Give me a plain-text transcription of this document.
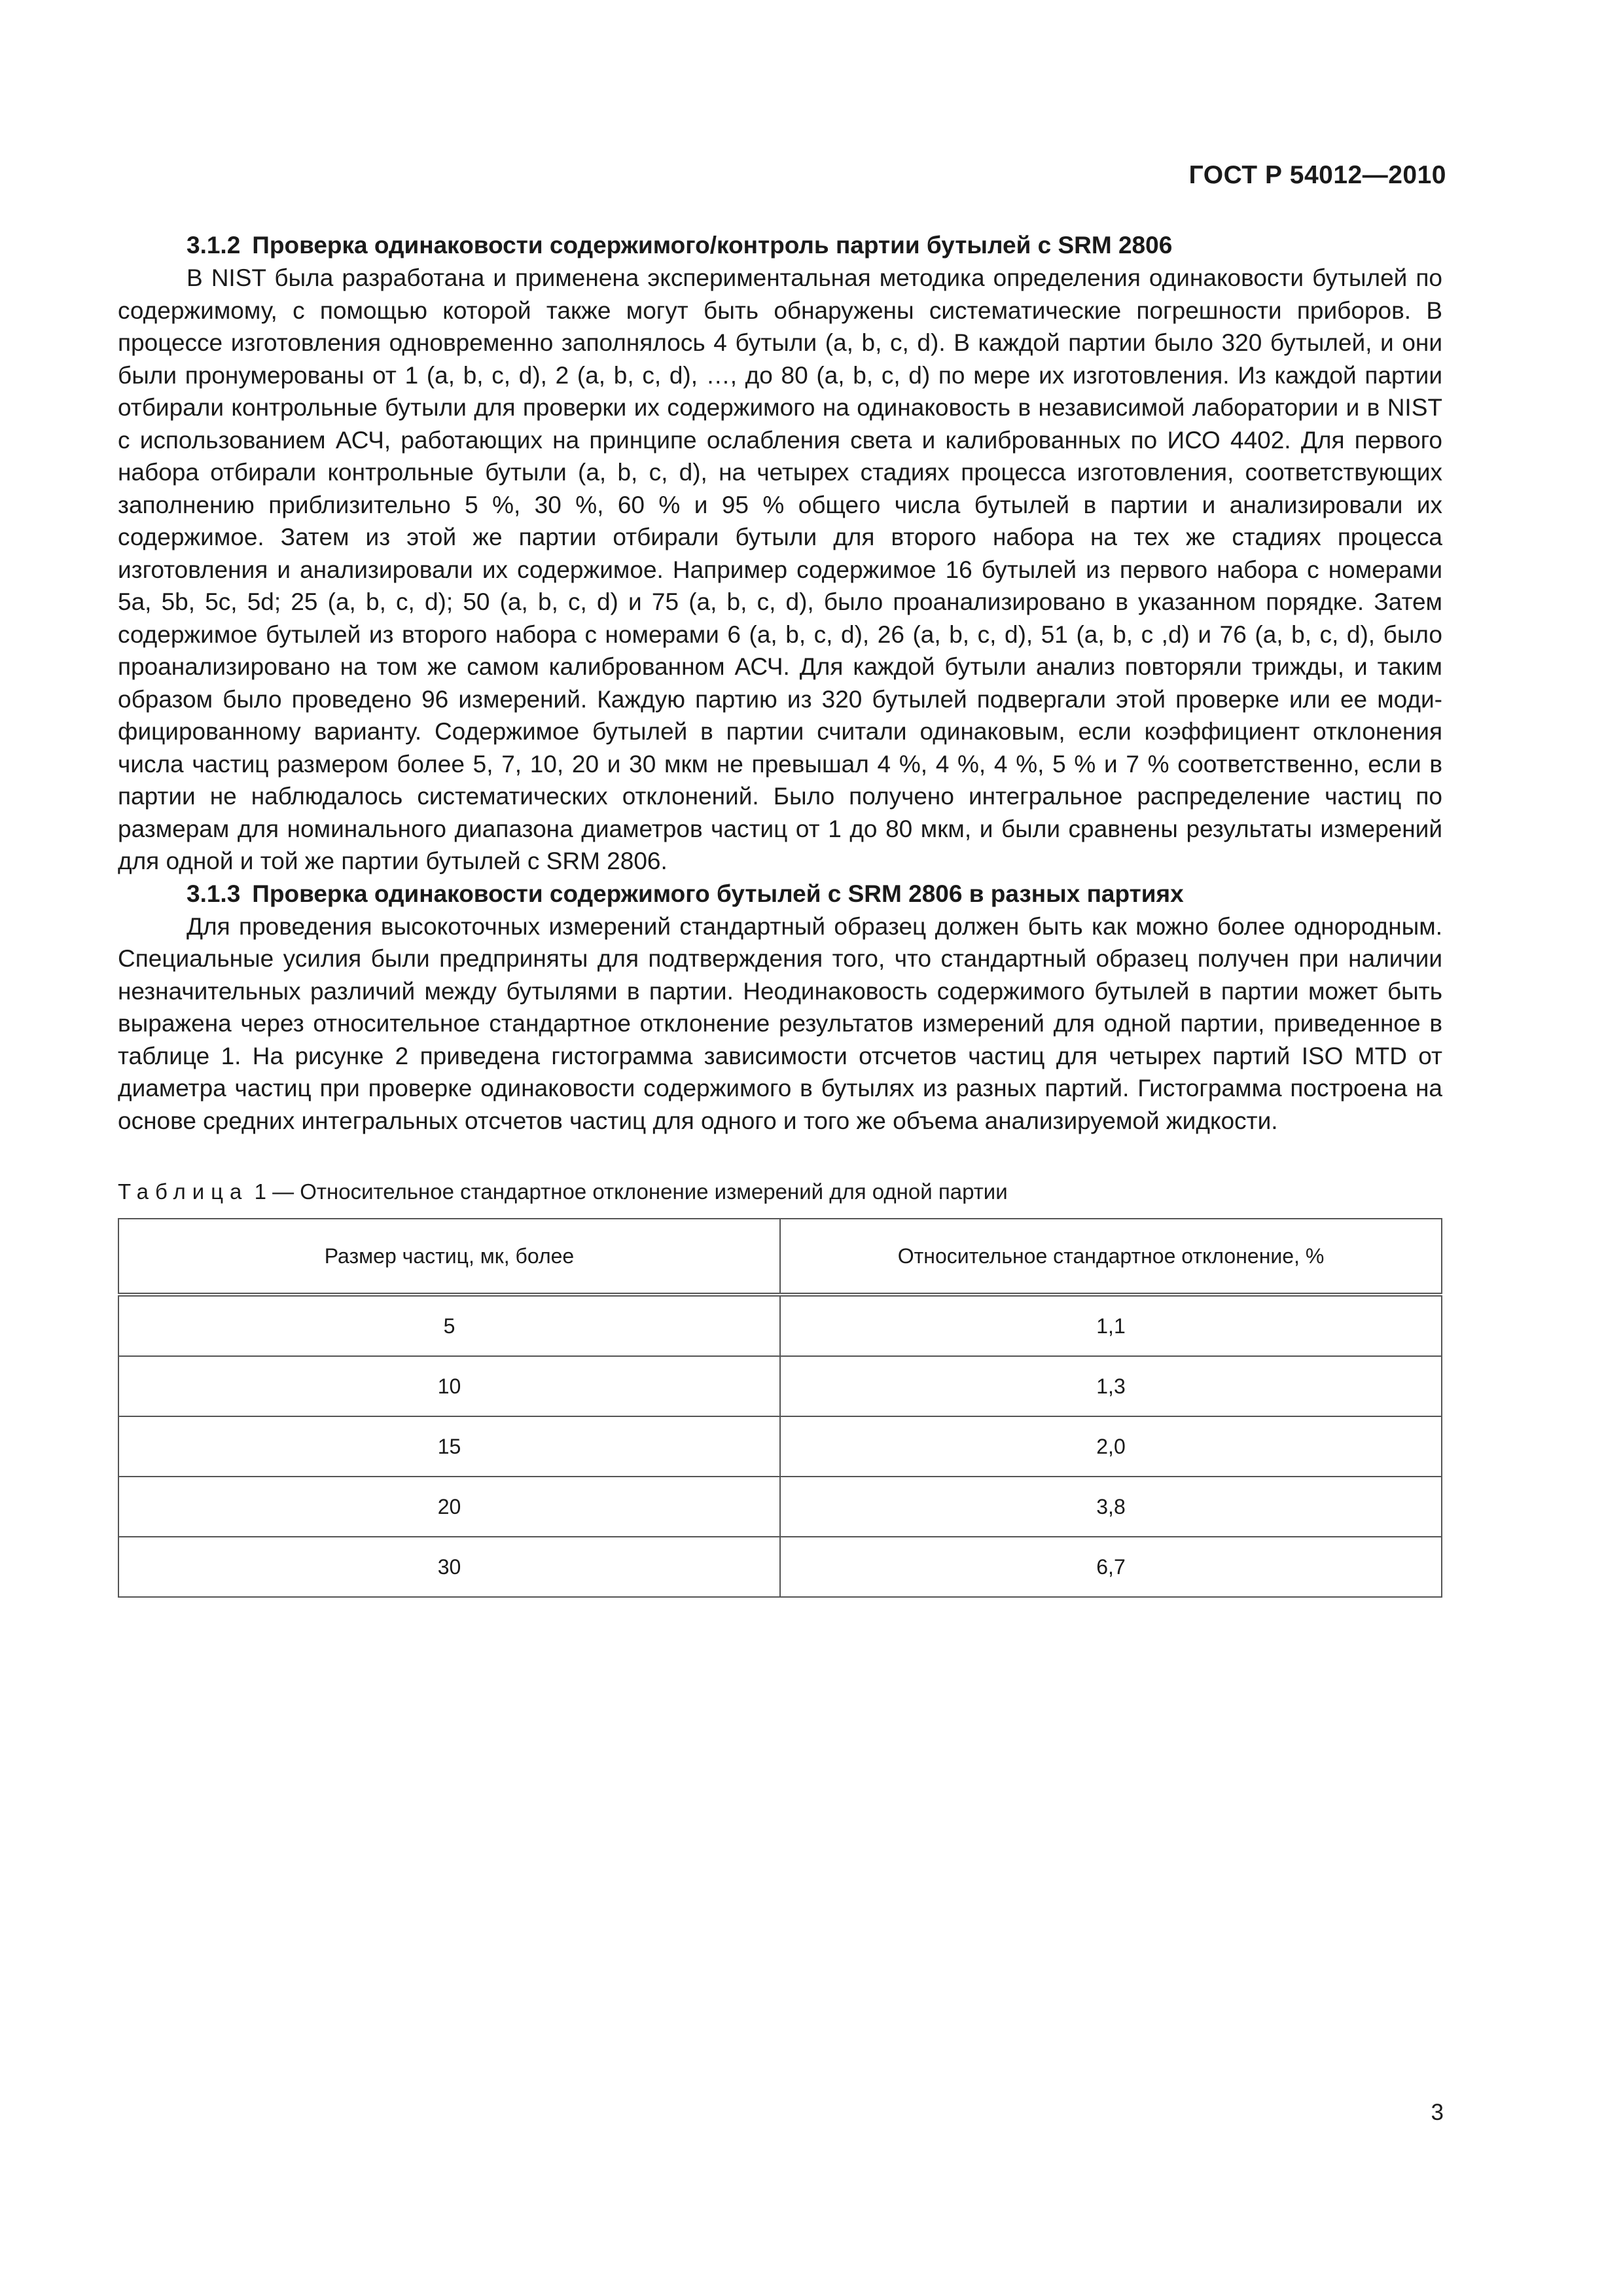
ГОСТ Р 54012—2010

3.1.2 Проверка одинаковости содержимого/контроль партии бутылей с SRM 2806

В NIST была разработана и применена экспериментальная методика определения одинаковости бутылей по содержимому, с помощью которой также могут быть обнаружены систематические погрешности приборов. В процессе изготовления одновременно заполнялось 4 бутыли (a, b, c, d). В каждой партии было 320 бутылей, и они были пронумерованы от 1 (a, b, c, d), 2 (a, b, c, d), …, до 80 (a, b, c, d) по мере их изготовления. Из каждой партии отбирали контрольные бутыли для проверки их содержимого на одинаковость в независимой лаборатории и в NIST с использованием АСЧ, работающих на принципе ослабления света и калиброванных по ИСО 4402. Для первого набора отбирали контрольные бутыли (a, b, c, d), на четырех стадиях процесса изготовления, соответствующих заполнению приблизительно 5 %, 30 %, 60 % и 95 % общего числа бутылей в партии и анализировали их содержимое. Затем из этой же партии отбирали бутыли для второго набора на тех же стадиях процесса изготовления и анализировали их содержимое. Например содержимое 16 бутылей из первого набора с номерами 5a, 5b, 5c, 5d; 25 (a, b, c, d); 50 (a, b, c, d) и 75 (a, b, c, d), было проанализировано в указанном порядке. Затем содержимое бутылей из второго набора с номерами 6 (a, b, c, d), 26 (a, b, c, d), 51 (a, b, c ,d) и 76 (a, b, c, d), было проанализировано на том же самом калиброванном АСЧ. Для каждой бутыли анализ повторяли трижды, и таким образом было проведено 96 измерений. Каждую партию из 320 бутылей подвергали этой проверке или ее модифицированному варианту. Содержимое бутылей в партии считали одинаковым, если коэффициент отклонения числа частиц размером более 5, 7, 10, 20 и 30 мкм не превышал 4 %, 4 %, 4 %, 5 % и 7 % соответственно, если в партии не наблюдалось систематических отклонений. Было получено интегральное распределение частиц по размерам для номинального диапазона диаметров частиц от 1 до 80 мкм, и были сравнены результаты измерений для одной и той же партии бутылей с SRM 2806.

3.1.3 Проверка одинаковости содержимого бутылей с SRM 2806 в разных партиях

Для проведения высокоточных измерений стандартный образец должен быть как можно более однородным. Специальные усилия были предприняты для подтверждения того, что стандартный образец получен при наличии незначительных различий между бутылями в партии. Неодинаковость содержимого бутылей в партии может быть выражена через относительное стандартное отклонение результатов измерений для одной партии, приведенное в таблице 1. На рисунке 2 приведена гистограмма зависимости отсчетов частиц для четырех партий ISO MTD от диаметра частиц при проверке одинаковости содержимого в бутылях из разных партий. Гистограмма построена на основе средних интегральных отсчетов частиц для одного и того же объема анализируемой жидкости.

Таблица 1 — Относительное стандартное отклонение измерений для одной партии
Размер частиц, мк, более	Относительное стандартное отклонение, %
5	1,1
10	1,3
15	2,0
20	3,8
30	6,7
3
